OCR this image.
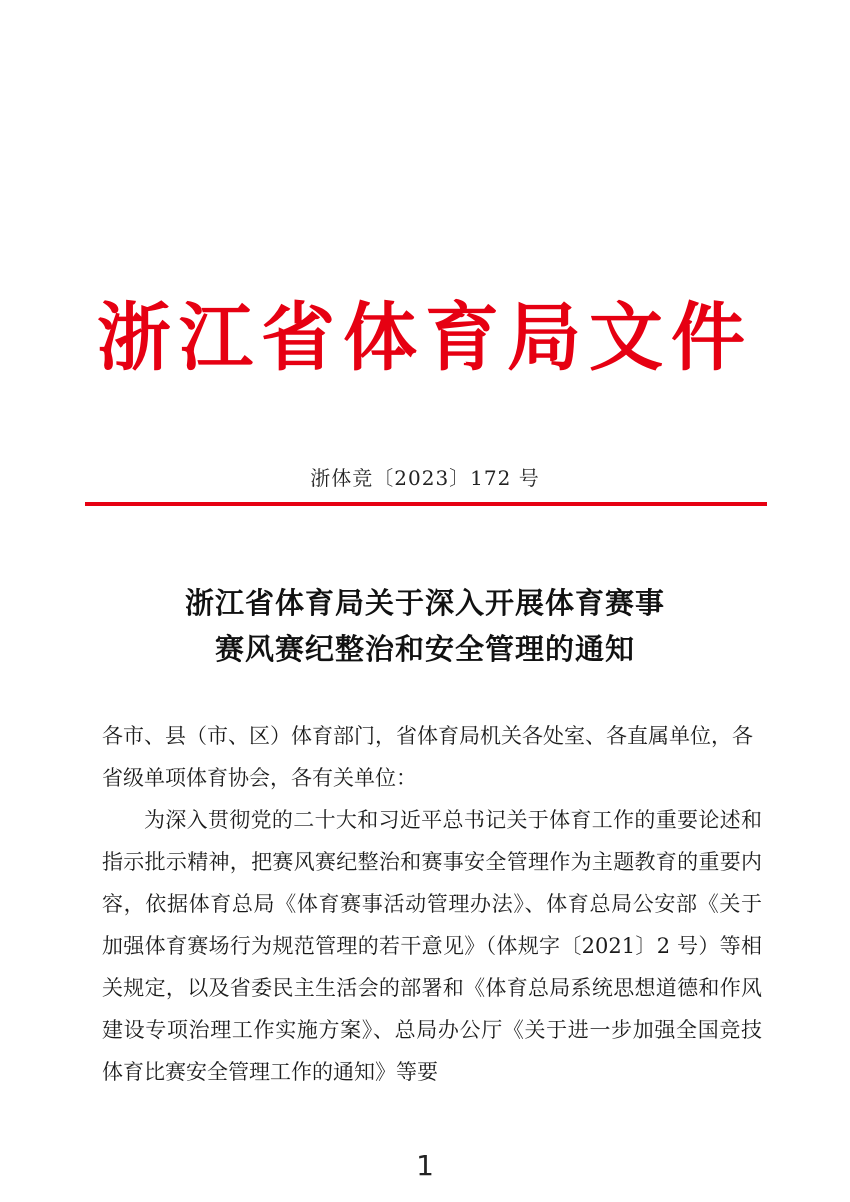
浙江省体育局文件
浙体竞〔2023〕172 号
浙江省体育局关于深入开展体育赛事
赛风赛纪整治和安全管理的通知
各市、县（市、区）体育部门，省体育局机关各处室、各直属单位，各省级单项体育协会，各有关单位：
为深入贯彻党的二十大和习近平总书记关于体育工作的重要论述和指示批示精神，把赛风赛纪整治和赛事安全管理作为主题教育的重要内容，依据体育总局《体育赛事活动管理办法》、体育总局公安部《关于加强体育赛场行为规范管理的若干意见》（体规字〔2021〕2 号）等相关规定，以及省委民主生活会的部署和《体育总局系统思想道德和作风建设专项治理工作实施方案》、总局办公厅《关于进一步加强全国竞技体育比赛安全管理工作的通知》等要
1
